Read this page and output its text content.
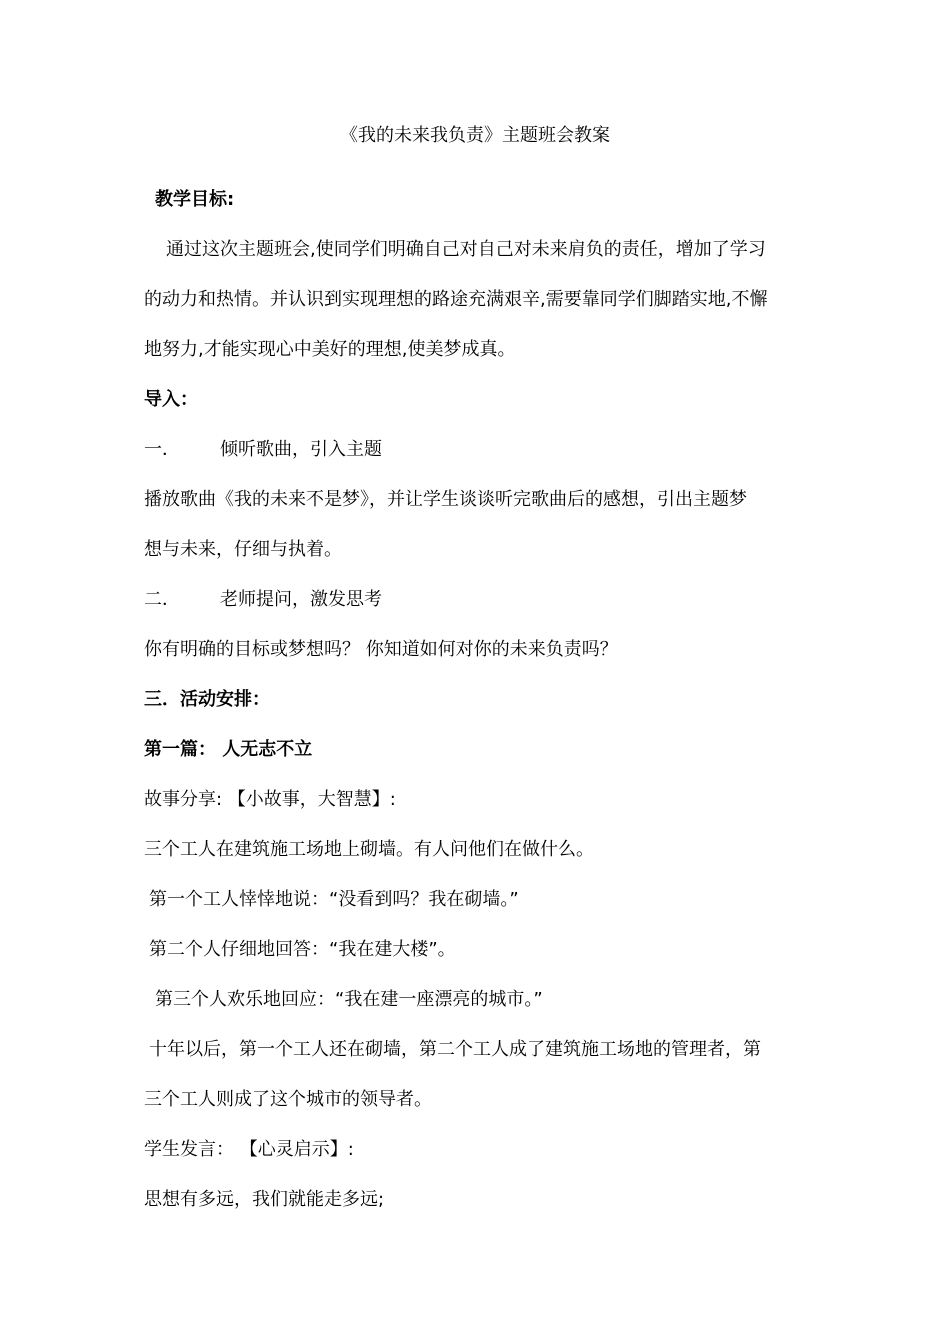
《我的未来我负责》主题班会教案
教学目标:
通过这次主题班会,使同学们明确自己对自己对未来肩负的责任，增加了学习
的动力和热情。并认识到实现理想的路途充满艰辛,需要靠同学们脚踏实地,不懈
地努力,才能实现心中美好的理想,使美梦成真。
导入：
一． 倾听歌曲，引入主题
播放歌曲《我的未来不是梦》，并让学生谈谈听完歌曲后的感想，引出主题梦
想与未来，仔细与执着。
二． 老师提问，激发思考
你有明确的目标或梦想吗？ 你知道如何对你的未来负责吗？
三．活动安排：
第一篇： 人无志不立
故事分享: 【小故事，大智慧】:
三个工人在建筑施工场地上砌墙。有人问他们在做什么。
第一个工人悻悻地说：“没看到吗？我在砌墙。”
第二个人仔细地回答：“我在建大楼”。
第三个人欢乐地回应：“我在建一座漂亮的城市。”
十年以后，第一个工人还在砌墙，第二个工人成了建筑施工场地的管理者，第
三个工人则成了这个城市的领导者。
学生发言： 【心灵启示】:
思想有多远，我们就能走多远;
